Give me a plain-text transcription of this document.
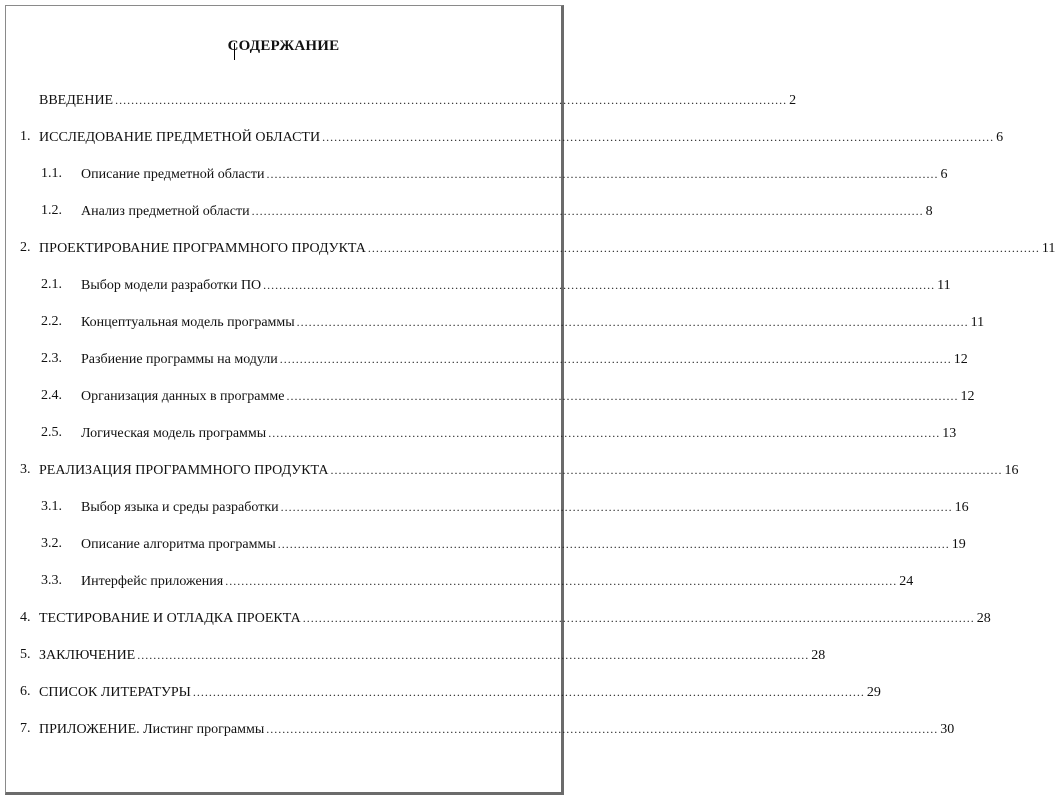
СОДЕРЖАНИЕ
ВВЕДЕНИЕ ........................................................................................................................................................................ 2
1. ИССЛЕДОВАНИЕ ПРЕДМЕТНОЙ ОБЛАСТИ ........................................................................................................................................................................ 6
1.1. Описание предметной области ........................................................................................................................................................................ 6
1.2. Анализ предметной области ........................................................................................................................................................................ 8
2. ПРОЕКТИРОВАНИЕ ПРОГРАММНОГО ПРОДУКТА ........................................................................................................................................................................ 11
2.1. Выбор модели разработки ПО ........................................................................................................................................................................ 11
2.2. Концептуальная модель программы ........................................................................................................................................................................ 11
2.3. Разбиение программы на модули ........................................................................................................................................................................ 12
2.4. Организация данных в программе ........................................................................................................................................................................ 12
2.5. Логическая модель программы ........................................................................................................................................................................ 13
3. РЕАЛИЗАЦИЯ ПРОГРАММНОГО ПРОДУКТА ........................................................................................................................................................................ 16
3.1. Выбор языка и среды разработки ........................................................................................................................................................................ 16
3.2. Описание алгоритма программы ........................................................................................................................................................................ 19
3.3. Интерфейс приложения ........................................................................................................................................................................ 24
4. ТЕСТИРОВАНИЕ И ОТЛАДКА ПРОЕКТА ........................................................................................................................................................................ 28
5. ЗАКЛЮЧЕНИЕ ........................................................................................................................................................................ 28
6. СПИСОК ЛИТЕРАТУРЫ ........................................................................................................................................................................ 29
7. ПРИЛОЖЕНИЕ. Листинг программы ........................................................................................................................................................................ 30
